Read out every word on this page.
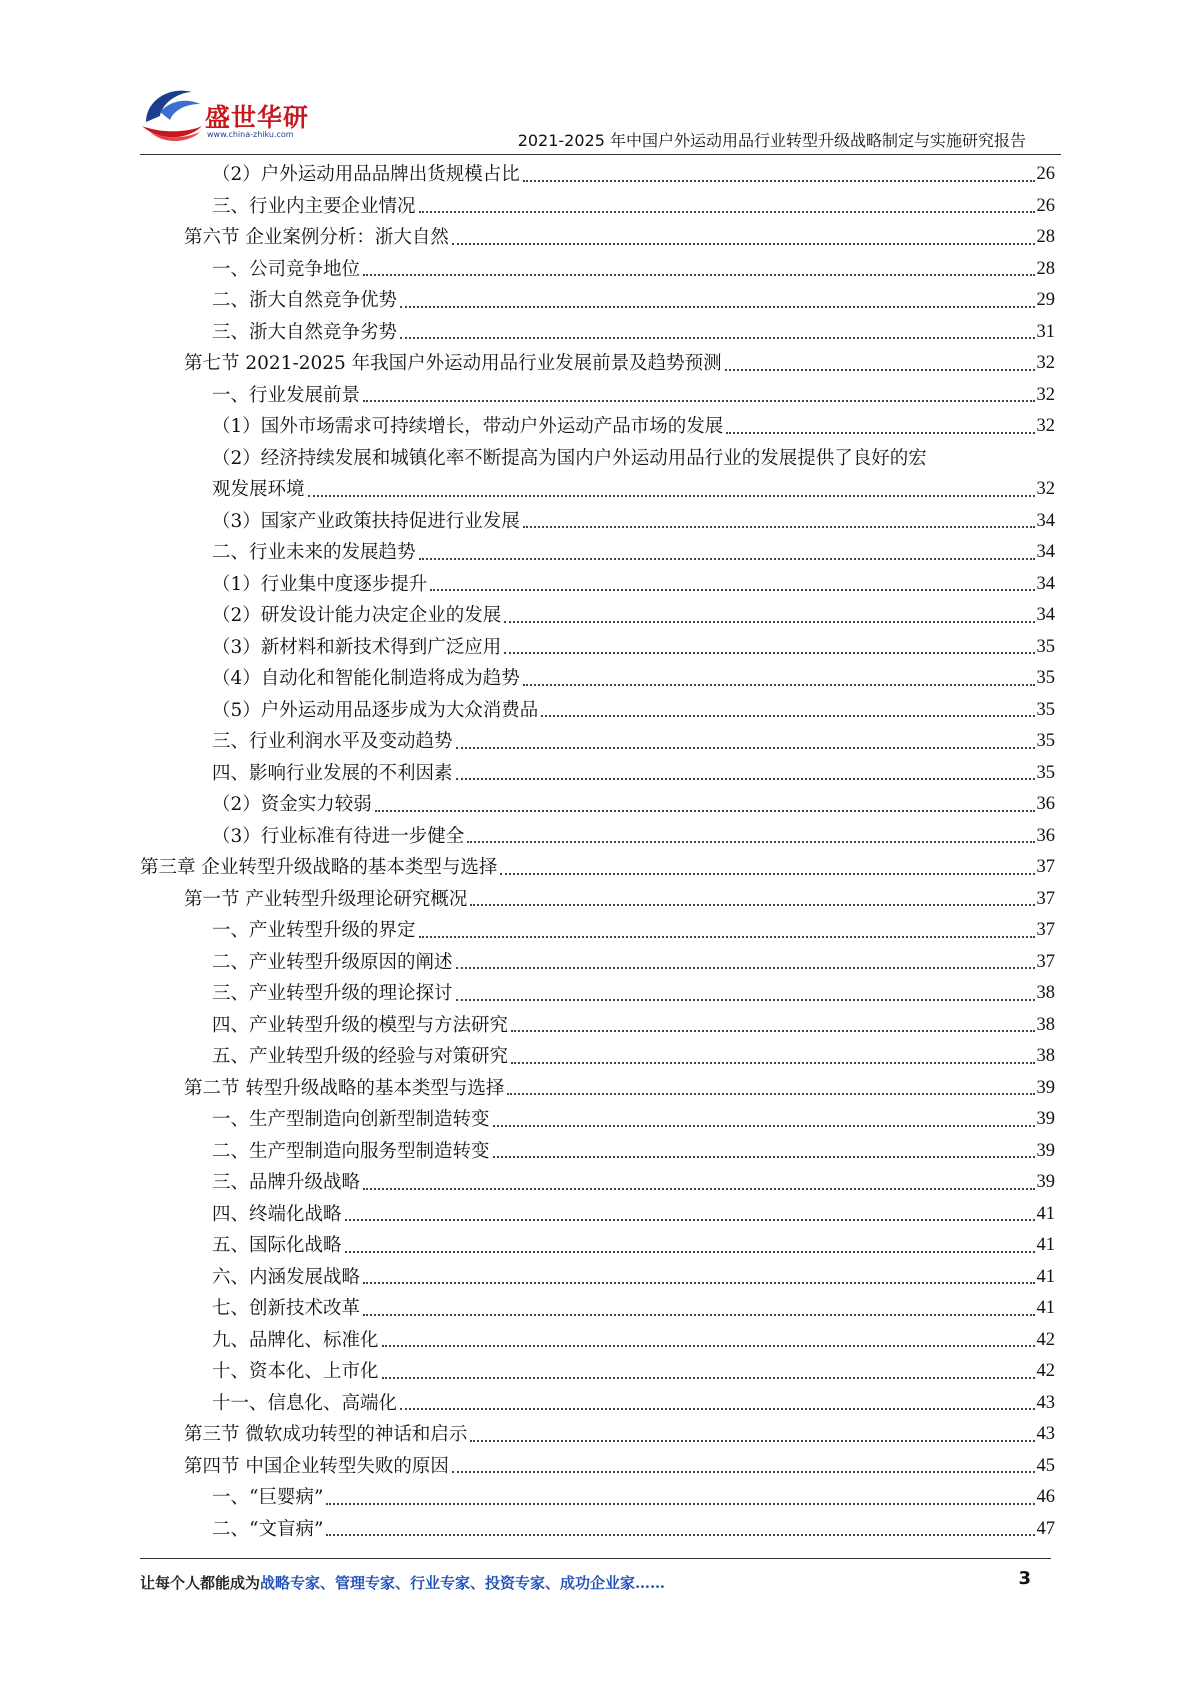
盛世华研
www.china-zhiku.com	2021-2025 年中国户外运动用品行业转型升级战略制定与实施研究报告
（2）户外运动用品品牌出货规模占比	26
三、行业内主要企业情况	26
第六节 企业案例分析：浙大自然	28
一、公司竞争地位	28
二、浙大自然竞争优势	29
三、浙大自然竞争劣势	31
第七节 2021-2025 年我国户外运动用品行业发展前景及趋势预测	32
一、行业发展前景	32
（1）国外市场需求可持续增长，带动户外运动产品市场的发展	32
（2）经济持续发展和城镇化率不断提高为国内户外运动用品行业的发展提供了良好的宏
观发展环境	32
（3）国家产业政策扶持促进行业发展	34
二、行业未来的发展趋势	34
（1）行业集中度逐步提升	34
（2）研发设计能力决定企业的发展	34
（3）新材料和新技术得到广泛应用	35
（4）自动化和智能化制造将成为趋势	35
（5）户外运动用品逐步成为大众消费品	35
三、行业利润水平及变动趋势	35
四、影响行业发展的不利因素	35
（2）资金实力较弱	36
（3）行业标准有待进一步健全	36
第三章 企业转型升级战略的基本类型与选择	37
第一节 产业转型升级理论研究概况	37
一、产业转型升级的界定	37
二、产业转型升级原因的阐述	37
三、产业转型升级的理论探讨	38
四、产业转型升级的模型与方法研究	38
五、产业转型升级的经验与对策研究	38
第二节 转型升级战略的基本类型与选择	39
一、生产型制造向创新型制造转变	39
二、生产型制造向服务型制造转变	39
三、品牌升级战略	39
四、终端化战略	41
五、国际化战略	41
六、内涵发展战略	41
七、创新技术改革	41
九、品牌化、标准化	42
十、资本化、上市化	42
十一、信息化、高端化	43
第三节 微软成功转型的神话和启示	43
第四节 中国企业转型失败的原因	45
一、“巨婴病”	46
二、“文盲病”	47
让每个人都能成为战略专家、管理专家、行业专家、投资专家、成功企业家……	3
